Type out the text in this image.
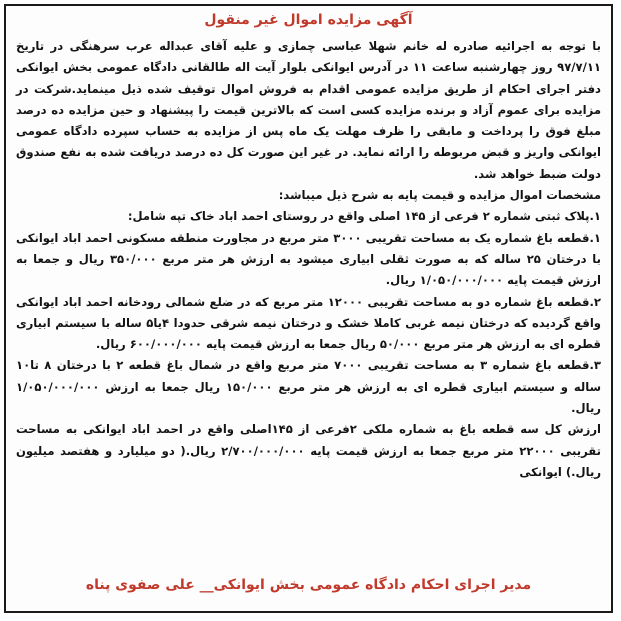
آگهی مزایده اموال غیر منقول

با توجه به اجرائیه صادره له خانم شهلا عباسی چمازی و علیه آقای عبداله عرب سرهنگی در تاریخ ۹۷/۷/۱۱ روز چهارشنبه ساعت ۱۱ در آدرس ایوانکی بلوار آیت اله طالقانی دادگاه عمومی بخش ایوانکی دفتر اجرای احکام از طریق مزایده عمومی اقدام به فروش اموال توقیف شده ذیل مینماید.شرکت در مزایده برای عموم آزاد و برنده مزایده کسی است که بالاترین قیمت را پیشنهاد و حین مزایده ده درصد مبلغ فوق را پرداخت و مابقی را ظرف مهلت یک ماه پس از مزایده به حساب سپرده دادگاه عمومی ایوانکی واریز و قبض مربوطه را ارائه نماید. در غیر این صورت کل ده درصد دریافت شده به نفع صندوق دولت ضبط خواهد شد.

مشخصات اموال مزایده و قیمت پایه به شرح ذیل میباشد:

۱.پلاک ثبتی شماره ۲ فرعی از ۱۴۵ اصلی واقع در روستای احمد اباد خاک تپه شامل:

۱.قطعه باغ شماره یک به مساحت تقریبی ۳۰۰۰ متر مربع در مجاورت منطقه مسکونی احمد اباد ایوانکی با درختان ۲۵ ساله که به صورت ثقلی ابیاری میشود به ارزش هر متر مربع ۳۵۰/۰۰۰ ریال و جمعا به ارزش قیمت پایه ۱/۰۵۰/۰۰۰/۰۰۰ ریال.

۲.قطعه باغ شماره دو به مساحت تقریبی ۱۲۰۰۰ متر مربع که در ضلع شمالی رودخانه احمد اباد ایوانکی واقع گردیده که درختان نیمه غربی کاملا خشک و درختان نیمه شرقی حدودا ۴یا۵ ساله با سیستم ابیاری قطره ای به ارزش هر متر مربع ۵۰/۰۰۰ ریال جمعا به ارزش قیمت پایه ۶۰۰/۰۰۰/۰۰۰ ریال.

۳.قطعه باغ شماره ۳ به مساحت تقریبی ۷۰۰۰ متر مربع واقع در شمال باغ قطعه ۲ با درختان ۸ تا۱۰ ساله و سیستم ابیاری قطره ای به ارزش هر متر مربع ۱۵۰/۰۰۰ ریال جمعا به ارزش ۱/۰۵۰/۰۰۰/۰۰۰ ریال.

ارزش کل سه قطعه باغ به شماره ملکی ۲فرعی از ۱۴۵اصلی واقع در احمد اباد ایوانکی به مساحت تقریبی ۲۲۰۰۰ متر مربع جمعا به ارزش قیمت پایه ۲/۷۰۰/۰۰۰/۰۰۰ ریال.( دو میلیارد و هفتصد میلیون ریال.) ایوانکی

مدیر اجرای احکام دادگاه عمومی بخش ایوانکی__ علی صفوی پناه
